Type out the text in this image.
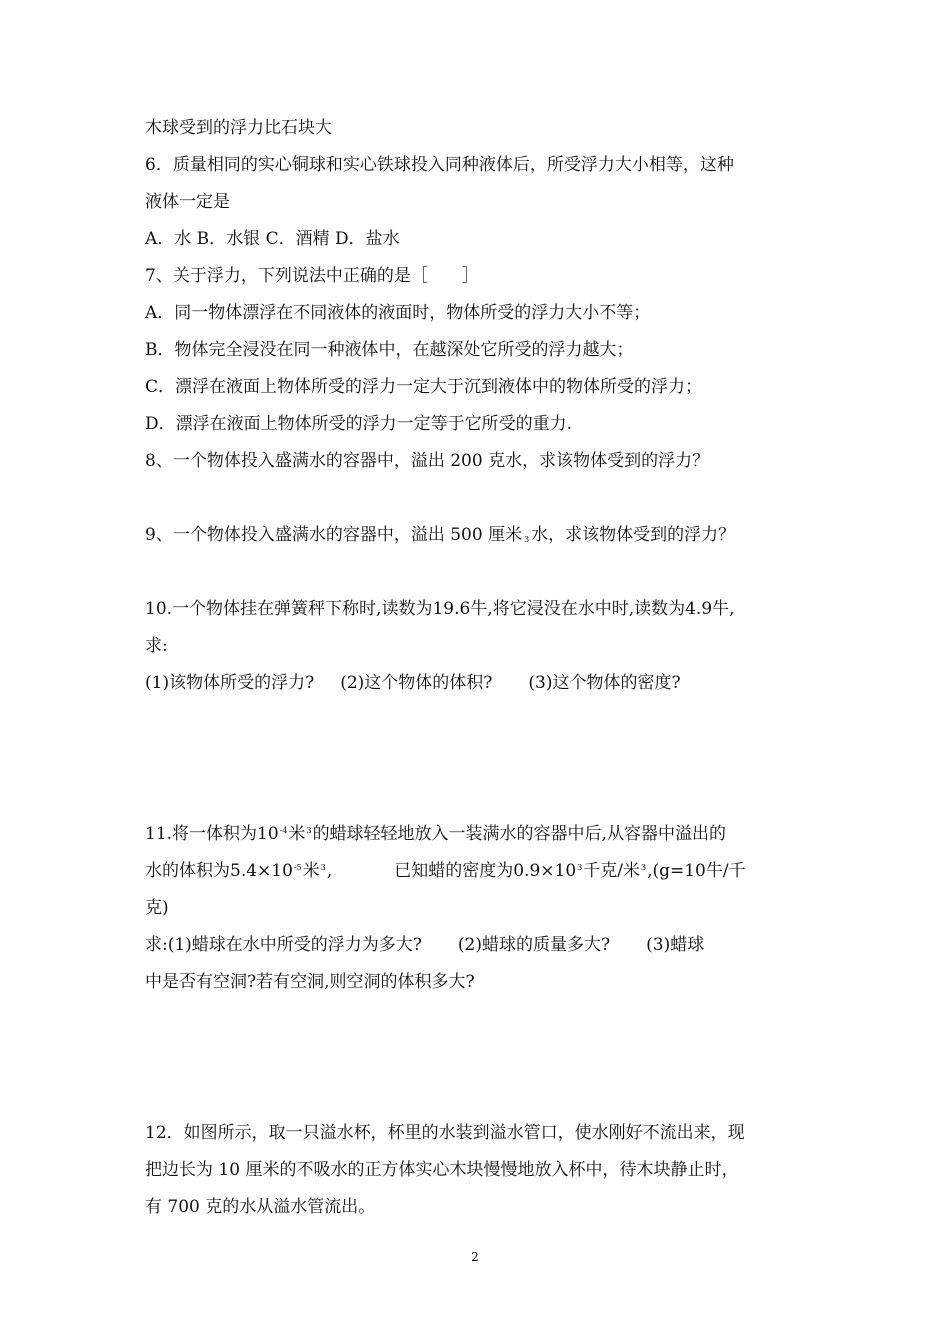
木球受到的浮力比石块大
6．质量相同的实心铜球和实心铁球投入同种液体后，所受浮力大小相等，这种
液体一定是
A．水 B．水银 C．酒精 D．盐水
7、关于浮力，下列说法中正确的是［　　］
A．同一物体漂浮在不同液体的液面时，物体所受的浮力大小不等；
B．物体完全浸没在同一种液体中，在越深处它所受的浮力越大；
C．漂浮在液面上物体所受的浮力一定大于沉到液体中的物体所受的浮力；
D．漂浮在液面上物体所受的浮力一定等于它所受的重力.
8、一个物体投入盛满水的容器中，溢出 200 克水，求该物体受到的浮力？
9、一个物体投入盛满水的容器中，溢出 500 厘米 $_3$ 水，求该物体受到的浮力？
10.一个物体挂在弹簧秤下称时,读数为19.6牛,将它浸没在水中时,读数为4.9牛,
求:
(1)该物体所受的浮力? (2)这个物体的体积? (3)这个物体的密度?
11.将一体积为$10^{-4}$米$^3$的蜡球轻轻地放入一装满水的容器中后,从容器中溢出的
水的体积为$5.4\times 10^{-5}$米$^3$,	已知蜡的密度为$0.9\times 10^3$千克/米$^3$,(g=10牛/千
克)
求:(1)蜡球在水中所受的浮力为多大? (2)蜡球的质量多大? (3)蜡球
中是否有空洞?若有空洞,则空洞的体积多大?
12．如图所示，取一只溢水杯，杯里的水装到溢水管口，使水刚好不流出来，现
把边长为 10 厘米的不吸水的正方体实心木块慢慢地放入杯中，待木块静止时，
有 700 克的水从溢水管流出。
2
